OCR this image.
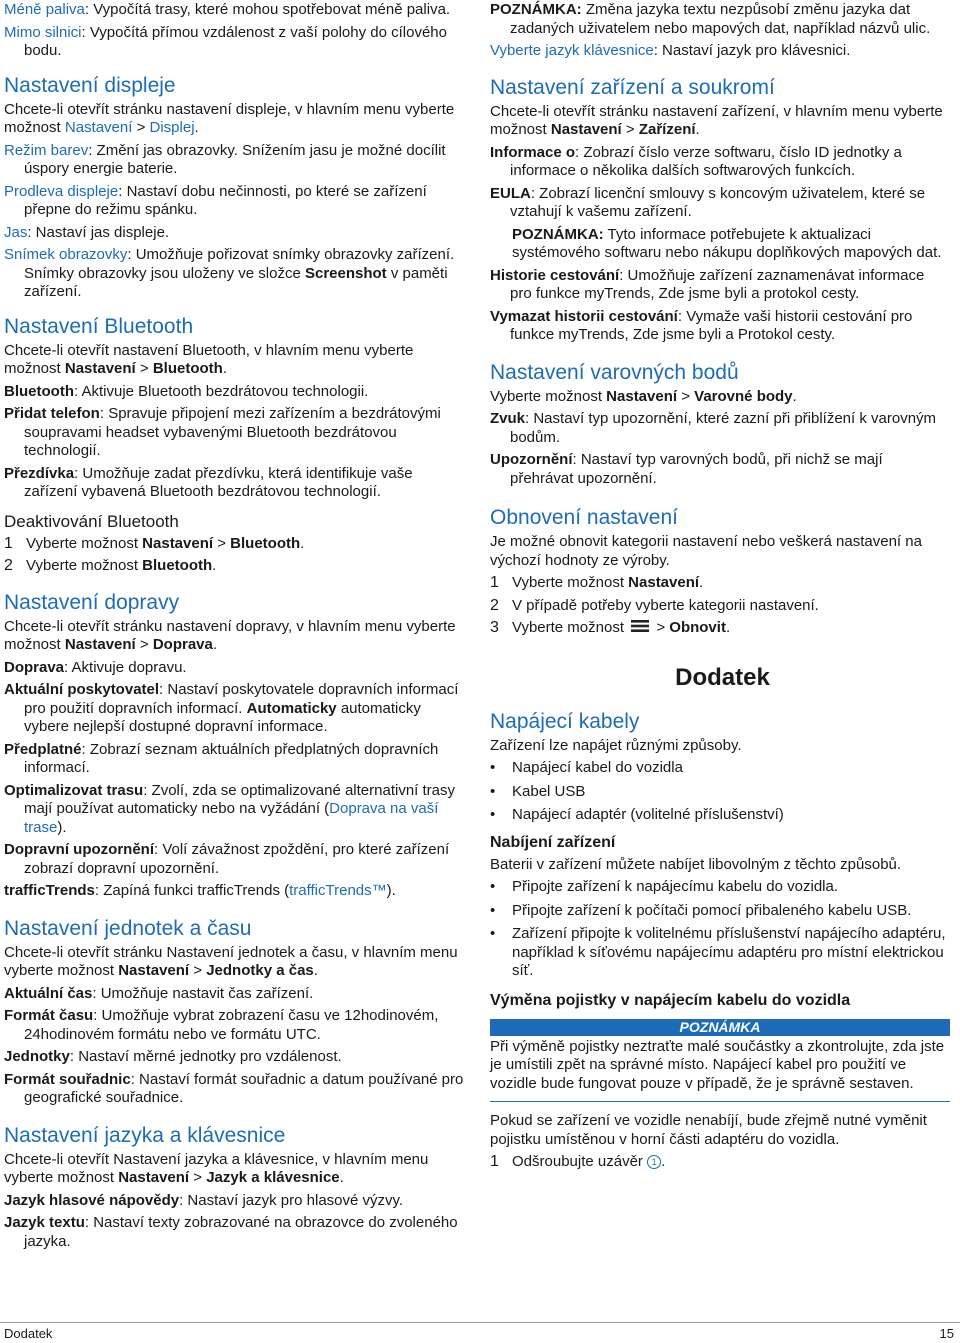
Méně paliva: Vypočítá trasy, které mohou spotřebovat méně paliva.

Mimo silnici: Vypočítá přímou vzdálenost z vaší polohy do cílového bodu.

Nastavení displeje

Chcete-li otevřít stránku nastavení displeje, v hlavním menu vyberte možnost Nastavení > Displej.

Režim barev: Změní jas obrazovky. Snížením jasu je možné docílit úspory energie baterie.

Prodleva displeje: Nastaví dobu nečinnosti, po které se zařízení přepne do režimu spánku.

Jas: Nastaví jas displeje.

Snímek obrazovky: Umožňuje pořizovat snímky obrazovky zařízení. Snímky obrazovky jsou uloženy ve složce Screenshot v paměti zařízení.

Nastavení Bluetooth

Chcete-li otevřít nastavení Bluetooth, v hlavním menu vyberte možnost Nastavení > Bluetooth.

Bluetooth: Aktivuje Bluetooth bezdrátovou technologii.

Přidat telefon: Spravuje připojení mezi zařízením a bezdrátovými soupravami headset vybavenými Bluetooth bezdrátovou technologií.

Přezdívka: Umožňuje zadat přezdívku, která identifikuje vaše zařízení vybavená Bluetooth bezdrátovou technologií.

Deaktivování Bluetooth
1 Vyberte možnost Nastavení > Bluetooth.
2 Vyberte možnost Bluetooth.
Nastavení dopravy

Chcete-li otevřít stránku nastavení dopravy, v hlavním menu vyberte možnost Nastavení > Doprava.

Doprava: Aktivuje dopravu.

Aktuální poskytovatel: Nastaví poskytovatele dopravních informací pro použití dopravních informací. Automaticky automaticky vybere nejlepší dostupné dopravní informace.

Předplatné: Zobrazí seznam aktuálních předplatných dopravních informací.

Optimalizovat trasu: Zvolí, zda se optimalizované alternativní trasy mají používat automaticky nebo na vyžádání (Doprava na vaší trase).

Dopravní upozornění: Volí závažnost zpoždění, pro které zařízení zobrazí dopravní upozornění.

trafficTrends: Zapíná funkci trafficTrends (trafficTrends™).

Nastavení jednotek a času

Chcete-li otevřít stránku Nastavení jednotek a času, v hlavním menu vyberte možnost Nastavení > Jednotky a čas.

Aktuální čas: Umožňuje nastavit čas zařízení.

Formát času: Umožňuje vybrat zobrazení času ve 12hodinovém, 24hodinovém formátu nebo ve formátu UTC.

Jednotky: Nastaví měrné jednotky pro vzdálenost.

Formát souřadnic: Nastaví formát souřadnic a datum používané pro geografické souřadnice.

Nastavení jazyka a klávesnice

Chcete-li otevřít Nastavení jazyka a klávesnice, v hlavním menu vyberte možnost Nastavení > Jazyk a klávesnice.

Jazyk hlasové nápovědy: Nastaví jazyk pro hlasové výzvy.

Jazyk textu: Nastaví texty zobrazované na obrazovce do zvoleného jazyka.

POZNÁMKA: Změna jazyka textu nezpůsobí změnu jazyka dat zadaných uživatelem nebo mapových dat, například názvů ulic.

Vyberte jazyk klávesnice: Nastaví jazyk pro klávesnici.

Nastavení zařízení a soukromí

Chcete-li otevřít stránku nastavení zařízení, v hlavním menu vyberte možnost Nastavení > Zařízení.

Informace o: Zobrazí číslo verze softwaru, číslo ID jednotky a informace o několika dalších softwarových funkcích.

EULA: Zobrazí licenční smlouvy s koncovým uživatelem, které se vztahují k vašemu zařízení.

POZNÁMKA: Tyto informace potřebujete k aktualizaci systémového softwaru nebo nákupu doplňkových mapových dat.

Historie cestování: Umožňuje zařízení zaznamenávat informace pro funkce myTrends, Zde jsme byli a protokol cesty.

Vymazat historii cestování: Vymaže vaši historii cestování pro funkce myTrends, Zde jsme byli a Protokol cesty.

Nastavení varovných bodů

Vyberte možnost Nastavení > Varovné body.

Zvuk: Nastaví typ upozornění, které zazní při přiblížení k varovným bodům.

Upozornění: Nastaví typ varovných bodů, při nichž se mají přehrávat upozornění.

Obnovení nastavení

Je možné obnovit kategorii nastavení nebo veškerá nastavení na výchozí hodnoty ze výroby.

1 Vyberte možnost Nastavení.
2 V případě potřeby vyberte kategorii nastavení.
3 Vyberte možnost  > Obnovit.
Dodatek
Napájecí kabely

Zařízení lze napájet různými způsoby.

•	Napájecí kabel do vozidla
•	Kabel USB
•	Napájecí adaptér (volitelné příslušenství)
Nabíjení zařízení

Baterii v zařízení můžete nabíjet libovolným z těchto způsobů.

•	Připojte zařízení k napájecímu kabelu do vozidla.
•	Připojte zařízení k počítači pomocí přibaleného kabelu USB.
•	Zařízení připojte k volitelnému příslušenství napájecího adaptéru, například k síťovému napájecímu adaptéru pro místní elektrickou síť.
Výměna pojistky v napájecím kabelu do vozidla
POZNÁMKA

Při výměně pojistky neztraťte malé součástky a zkontrolujte, zda jste je umístili zpět na správné místo. Napájecí kabel pro použití ve vozidle bude fungovat pouze v případě, že je správně sestaven.

Pokud se zařízení ve vozidle nenabíjí, bude zřejmě nutné vyměnit pojistku umístěnou v horní části adaptéru do vozidla.

1 Odšroubujte uzávěr 1 .
Dodatek	15
